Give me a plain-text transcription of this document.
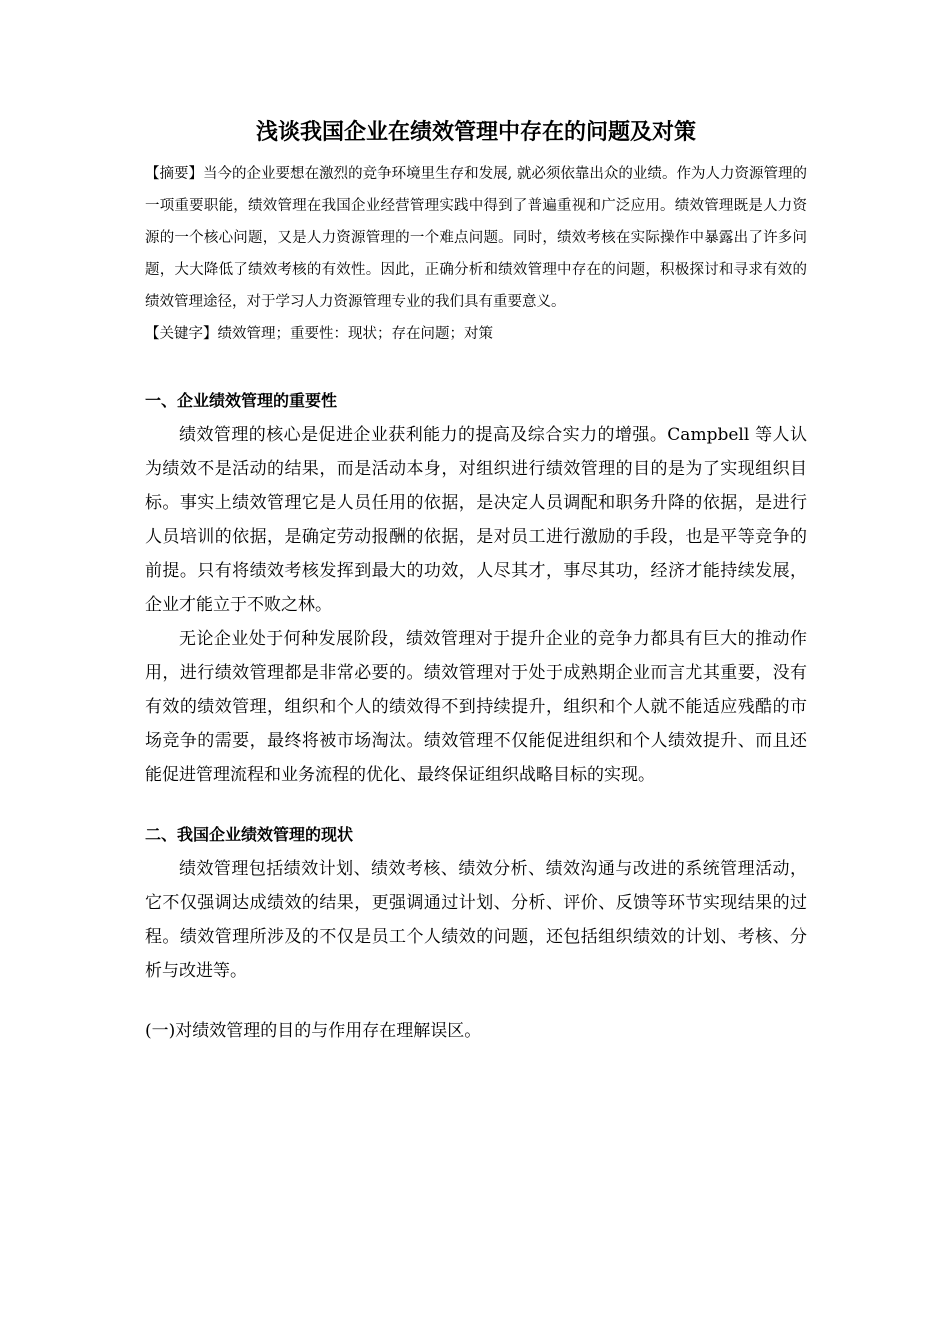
浅谈我国企业在绩效管理中存在的问题及对策

【摘要】当今的企业要想在激烈的竞争环境里生存和发展, 就必须依靠出众的业绩。作为人力资源管理的一项重要职能，绩效管理在我国企业经营管理实践中得到了普遍重视和广泛应用。绩效管理既是人力资源的一个核心问题，又是人力资源管理的一个难点问题。同时，绩效考核在实际操作中暴露出了许多问题，大大降低了绩效考核的有效性。因此，正确分析和绩效管理中存在的问题，积极探讨和寻求有效的绩效管理途径，对于学习人力资源管理专业的我们具有重要意义。

【关键字】绩效管理；重要性：现状；存在问题；对策

一、企业绩效管理的重要性

绩效管理的核心是促进企业获利能力的提高及综合实力的增强。Campbell 等人认为绩效不是活动的结果，而是活动本身，对组织进行绩效管理的目的是为了实现组织目标。事实上绩效管理它是人员任用的依据，是决定人员调配和职务升降的依据，是进行人员培训的依据，是确定劳动报酬的依据，是对员工进行激励的手段，也是平等竞争的前提。只有将绩效考核发挥到最大的功效，人尽其才，事尽其功，经济才能持续发展，企业才能立于不败之林。

无论企业处于何种发展阶段，绩效管理对于提升企业的竞争力都具有巨大的推动作用，进行绩效管理都是非常必要的。绩效管理对于处于成熟期企业而言尤其重要，没有有效的绩效管理，组织和个人的绩效得不到持续提升，组织和个人就不能适应残酷的市场竞争的需要，最终将被市场淘汰。绩效管理不仅能促进组织和个人绩效提升、而且还能促进管理流程和业务流程的优化、最终保证组织战略目标的实现。

二、我国企业绩效管理的现状

绩效管理包括绩效计划、绩效考核、绩效分析、绩效沟通与改进的系统管理活动，它不仅强调达成绩效的结果，更强调通过计划、分析、评价、反馈等环节实现结果的过程。绩效管理所涉及的不仅是员工个人绩效的问题，还包括组织绩效的计划、考核、分析与改进等。

(一)对绩效管理的目的与作用存在理解误区。
